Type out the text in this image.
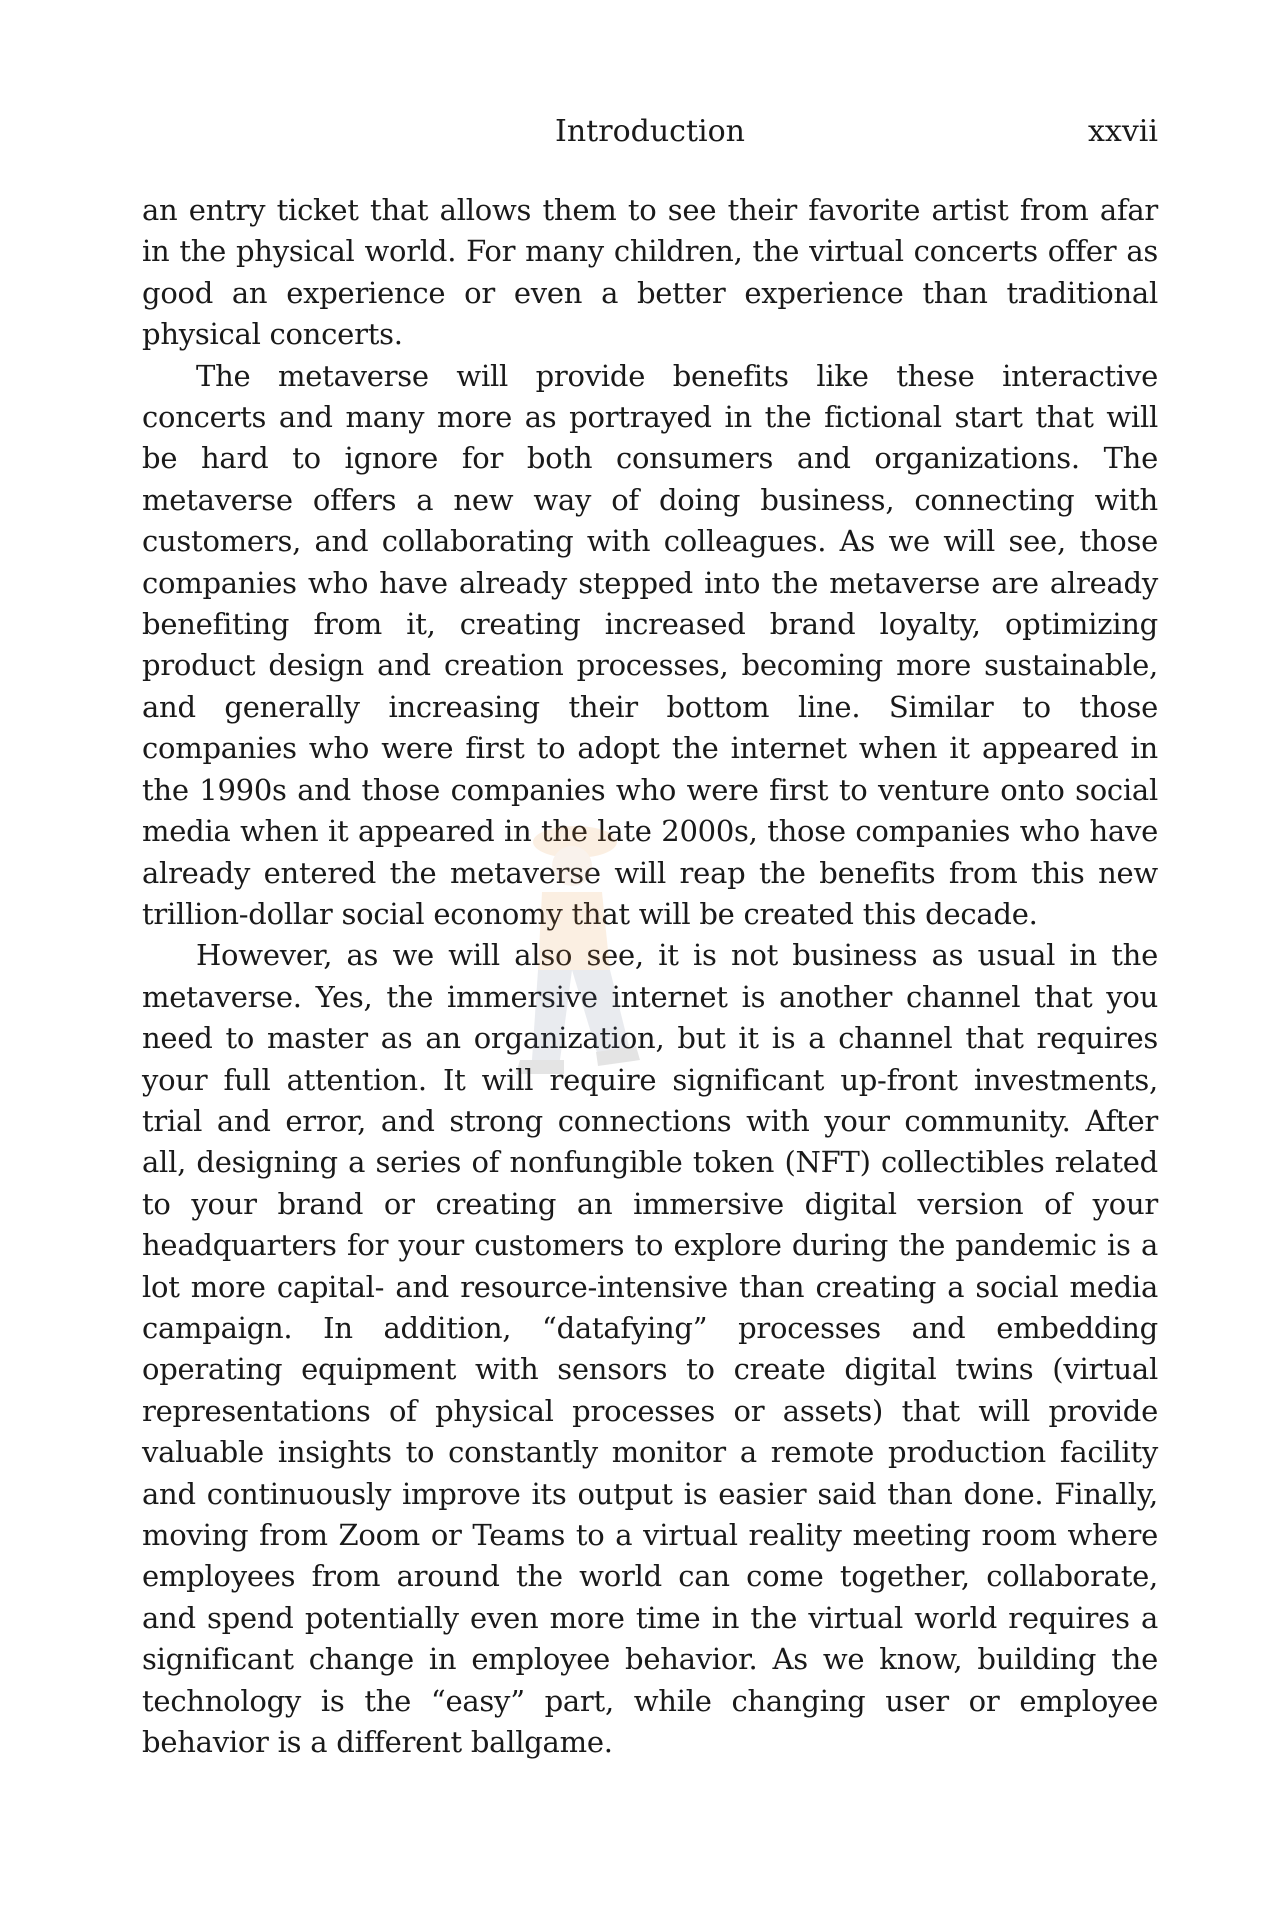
Introduction	xxvii

an entry ticket that allows them to see their favorite artist from afar in the physical world. For many children, the virtual concerts offer as good an experience or even a better experience than traditional physical concerts.

The metaverse will provide benefits like these interactive concerts and many more as portrayed in the fictional start that will be hard to ignore for both consumers and organizations. The metaverse offers a new way of doing business, connecting with customers, and collaborating with colleagues. As we will see, those companies who have already stepped into the metaverse are already benefiting from it, creating increased brand loyalty, optimizing product design and creation processes, becoming more sustainable, and generally increasing their bottom line. Similar to those companies who were first to adopt the internet when it appeared in the 1990s and those companies who were first to venture onto social media when it appeared in the late 2000s, those companies who have already entered the metaverse will reap the benefits from this new trillion-dollar social economy that will be created this decade.

However, as we will also see, it is not business as usual in the metaverse. Yes, the immersive internet is another channel that you need to master as an organization, but it is a channel that requires your full attention. It will require significant up-front investments, trial and error, and strong connections with your community. After all, designing a series of nonfungible token (NFT) collectibles related to your brand or creating an immersive digital version of your headquarters for your customers to explore during the pandemic is a lot more capital- and resource-intensive than creating a social media campaign. In addition, “datafying” processes and embedding operating equipment with sensors to create digital twins (virtual representations of physical processes or assets) that will provide valuable insights to constantly monitor a remote production facility and continuously improve its output is easier said than done. Finally, moving from Zoom or Teams to a virtual reality meeting room where employees from around the world can come together, collaborate, and spend potentially even more time in the virtual world requires a significant change in employee behavior. As we know, building the technology is the “easy” part, while changing user or employee behavior is a different ballgame.
